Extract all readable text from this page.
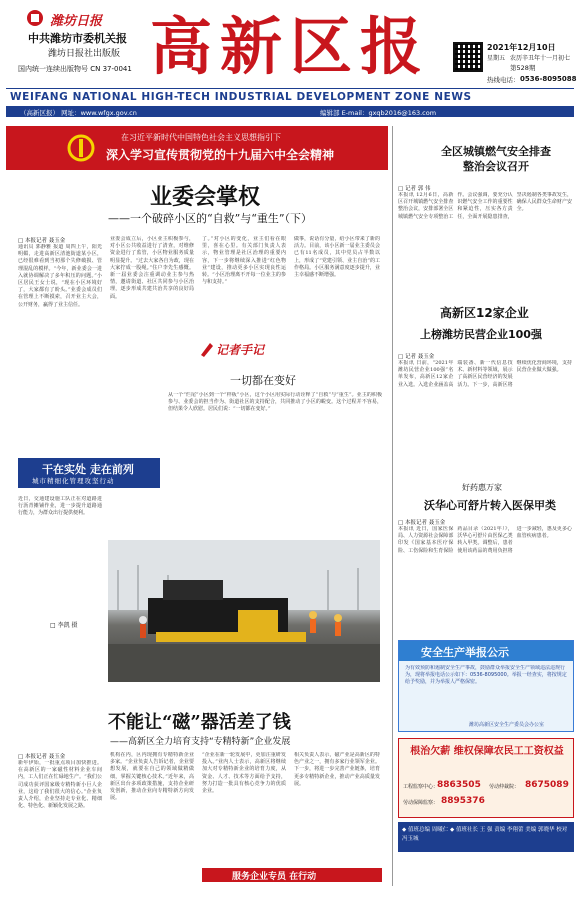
潍坊日报
中共潍坊市委机关报
潍坊日报社出版版
国内统一连续出版物号 CN 37-0041 高新区报	2021年12月10日
星期五 农历辛丑年十一月初七
第528期
热线电话： 0536-8095088
WEIFANG NATIONAL HIGH-TECH INDUSTRIAL DEVELOPMENT ZONE NEWS
（高新区报） 网址：www.wfgx.gov.cn	编辑部 E-mail：gxqb2016@163.com
在习近平新时代中国特色社会主义思想指引下
深入学习宣传贯彻党的十九届六中全会精神
业委会掌权
——一个破碎小区的“自救”与“重生”（下）
□ 本报记者 聂玉金
通讯员 郭静雅 报道 周四上午，阳光明媚，走进高新区清池街道某小区，已经很难看到当初那个失修破损、管理混乱的模样。“今年，新业委会一进入就协调解决了多年积压的问题。”小区居民王女士说，“现在小区环境好了，大家都有了盼头。”业委会成员们在管理上不断摸索，召开业主大会，公开财务，赢得了业主信任。
业委会成立后，小区业主积极参与，对小区公共收益进行了清查，对维修资金进行了监管，小区物业服务质量明显提升。“过去大家各自为政，现在大家拧成一股绳。”住户李先生感慨。新一届业委会注重调动业主参与热情，邀请街道、社区共同参与小区治理，逐步形成共建共治共享的良好局面。
了。”对小区的变化，业主们看在眼里，喜在心里。有关部门负责人表示，物业管理是社区治理的重要内容，下一步将继续深入推进“红色物业”建设，推动更多小区实现良性运转。“小区治理离不开每一位业主的参与和支持。”
做事，说话有分量，给小区带来了新的活力。目前，该小区新一届业主委员会已有11名成员，其中党员占半数以上，形成了“党建引领、业主自治”的工作格局。小区服务满意度逐步提升，业主幸福感不断增强。
记者手记
一切都在变好
从一个“烂尾”小区到一个“样板”小区，这个小区用实际行动诠释了“自救”与“重生”。业主的积极参与、业委会的担当作为、街道社区的支持配合，共同推动了小区的蜕变。这个过程并不容易，但结果令人欣慰。居民们说：“一切都在变好。”
干在实处 走在前列
城市精细化管理攻坚行动
近日，交通建设施工队正在对道路进行沥青摊铺作业，进一步提升道路通行能力，为群众出行提供便利。
□ 李凯 摄
不能让“磁”器活差了钱
——高新区全力培育支持“专精特新”企业发展
□ 本报记者 聂玉金
新年伊始，一批重点项目加快推进。在高新区的一家磁性材料企业车间内，工人们正在忙碌地生产。“我们公司成功获评国家级专精特新小巨人企业，这给了我们很大的信心。”企业负责人介绍，企业坚持走专业化、精细化、特色化、新颖化发展之路。
机构在内，区内现拥有专精特新企业多家。“企业负责人告诉记者，企业要想发展，就要在自己的领域做精做细，掌握关键核心技术。”近年来，高新区出台多项政策措施，支持企业研发创新，推动企业向专精特新方向发展。
“企业在新一轮发展中，更加注重研发投入。”业内人士表示，高新区将继续加大对专精特新企业的培育力度，从资金、人才、技术等方面给予支持，努力打造一批具有核心竞争力的优质企业。
相关负责人表示，磁产业是高新区的特色产业之一，拥有多家行业领军企业。下一步，将进一步完善产业链条，培育更多专精特新企业，推动产业高质量发展。
服务企业专员 在行动
全区城镇燃气安全排查整治会议召开
□ 记者 郭 伟
本报讯 12月6日，高新区召开城镇燃气安全排查整治会议，安排部署全区城镇燃气安全专项整治工作。会议强调，要充分认识燃气安全工作的重要性和紧迫性，压实各方责任，全面开展隐患排查，坚决遏制各类事故发生，确保人民群众生命财产安全。
高新区12家企业
上榜潍坊民营企业100强
□ 记者 聂玉金
本报讯 日前，“2021年潍坊民营企业100强”名单发布，高新区12家企业入选。入选企业涵盖高端装备、新一代信息技术、新材料等领域，展示了高新区民营经济的发展活力。下一步，高新区将继续优化营商环境，支持民营企业做大做强。
好药惠万家
沃华心可舒片转入医保甲类
□ 本报记者 聂玉金
本报讯 近日，国家医保局、人力资源社会保障部印发《国家基本医疗保险、工伤保险和生育保险药品目录（2021年）》，沃华心可舒片由医保乙类转入甲类。调整后，患者使用该药品的费用负担将进一步减轻，惠及更多心血管疾病患者。
安全生产举报公示
为有效预防和遏制安全生产事故，鼓励群众举报安全生产领域违法违规行为，现将举报电话公示如下：0536-8095000。举报一经查实，将按规定给予奖励，并为举报人严格保密。
潍坊高新区安全生产委员会办公室
根治欠薪 维权保障农民工工资权益
工程监察中心：
8863505 劳动仲裁院： 8675089
劳动保障监察： 8895376
◆ 值班总编 周曦仁 ◆ 值班社长 王 强 责编 李翔蕾 美编 郭晓华 校对 冯玉城
